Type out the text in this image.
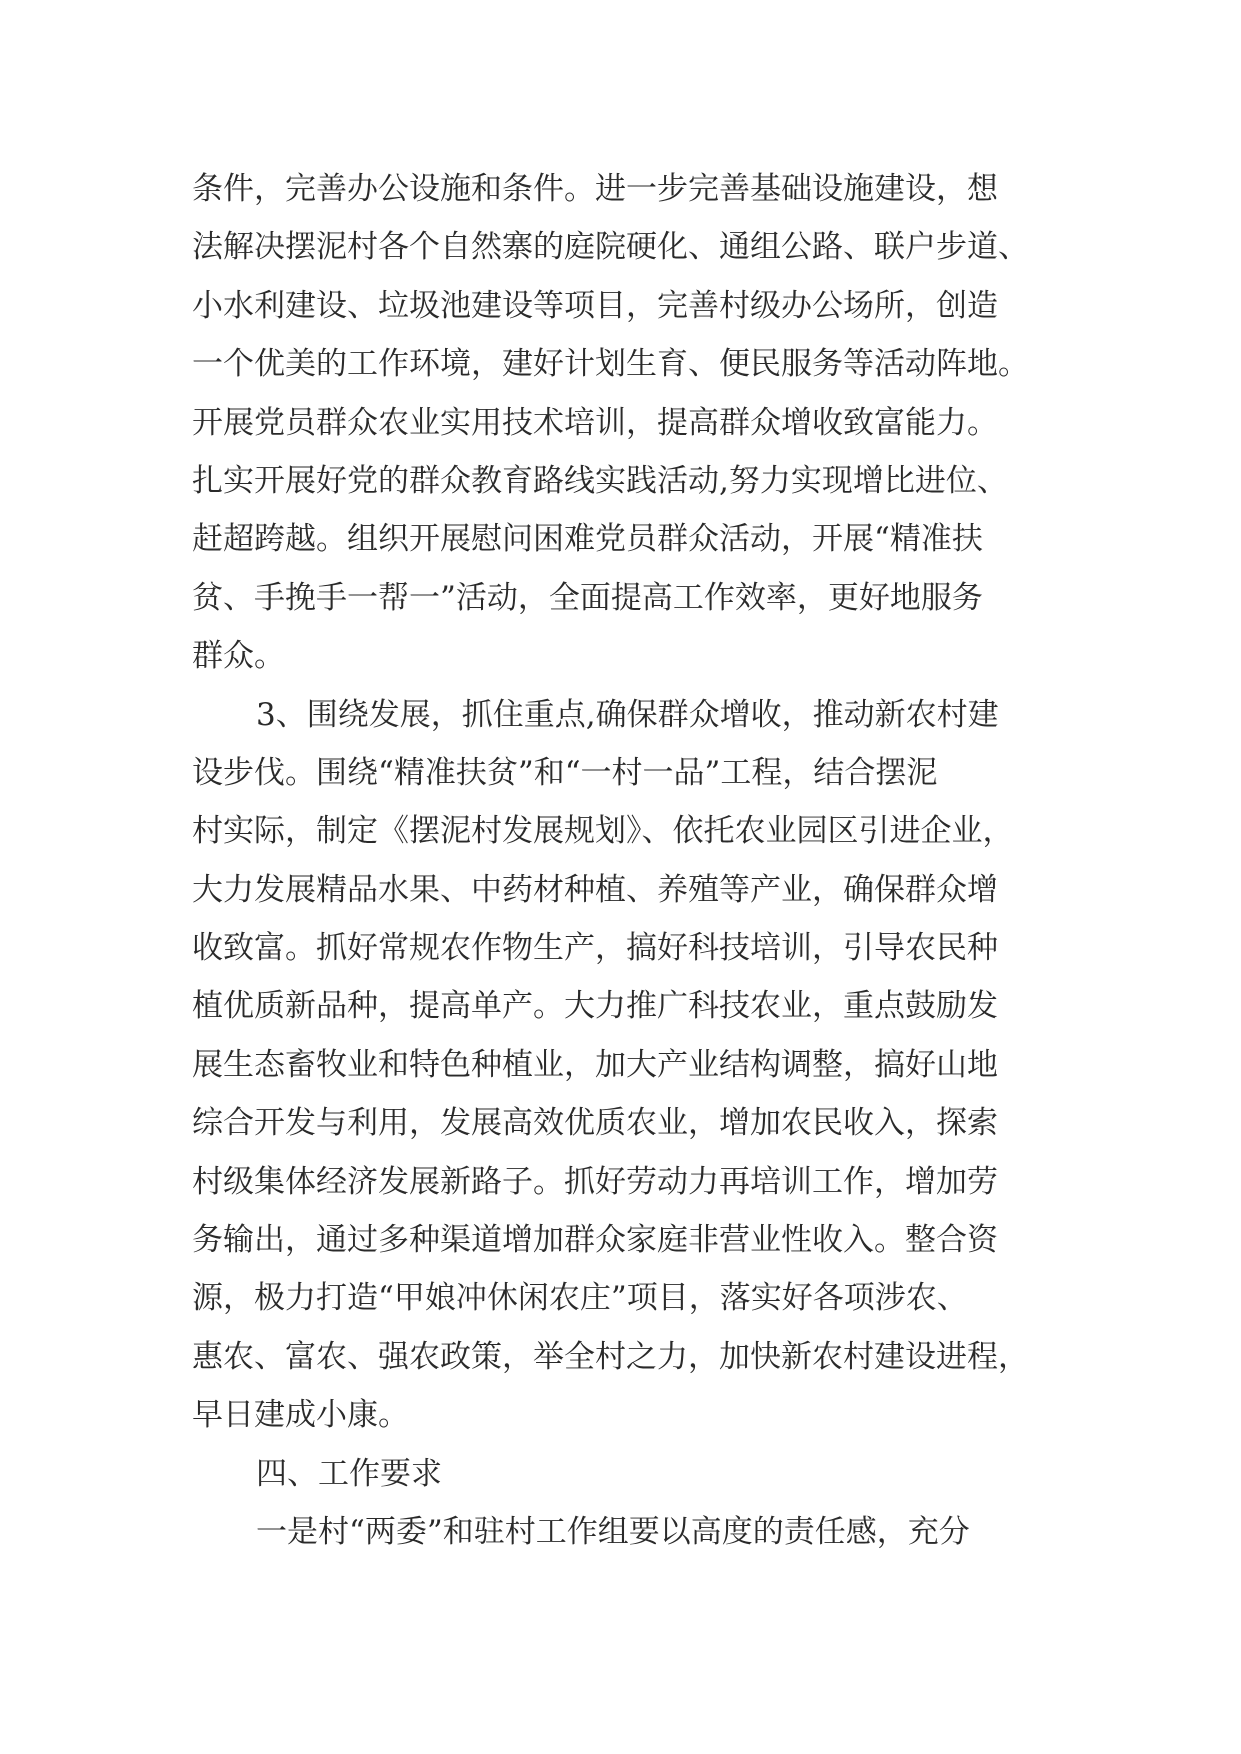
条件，完善办公设施和条件。进一步完善基础设施建设，想
法解决摆泥村各个自然寨的庭院硬化、通组公路、联户步道、
小水利建设、垃圾池建设等项目，完善村级办公场所，创造
一个优美的工作环境，建好计划生育、便民服务等活动阵地。
开展党员群众农业实用技术培训，提高群众增收致富能力。
扎实开展好党的群众教育路线实践活动,努力实现增比进位、
赶超跨越。组织开展慰问困难党员群众活动，开展“精准扶
贫、手挽手一帮一”活动，全面提高工作效率，更好地服务
群众。
3、围绕发展，抓住重点,确保群众增收，推动新农村建
设步伐。围绕“精准扶贫”和“一村一品”工程，结合摆泥
村实际，制定《摆泥村发展规划》、依托农业园区引进企业，
大力发展精品水果、中药材种植、养殖等产业，确保群众增
收致富。抓好常规农作物生产，搞好科技培训，引导农民种
植优质新品种，提高单产。大力推广科技农业，重点鼓励发
展生态畜牧业和特色种植业，加大产业结构调整，搞好山地
综合开发与利用，发展高效优质农业，增加农民收入，探索
村级集体经济发展新路子。抓好劳动力再培训工作，增加劳
务输出，通过多种渠道增加群众家庭非营业性收入。整合资
源，极力打造“甲娘冲休闲农庄”项目，落实好各项涉农、
惠农、富农、强农政策，举全村之力，加快新农村建设进程，
早日建成小康。
四、工作要求
一是村“两委”和驻村工作组要以高度的责任感，充分
